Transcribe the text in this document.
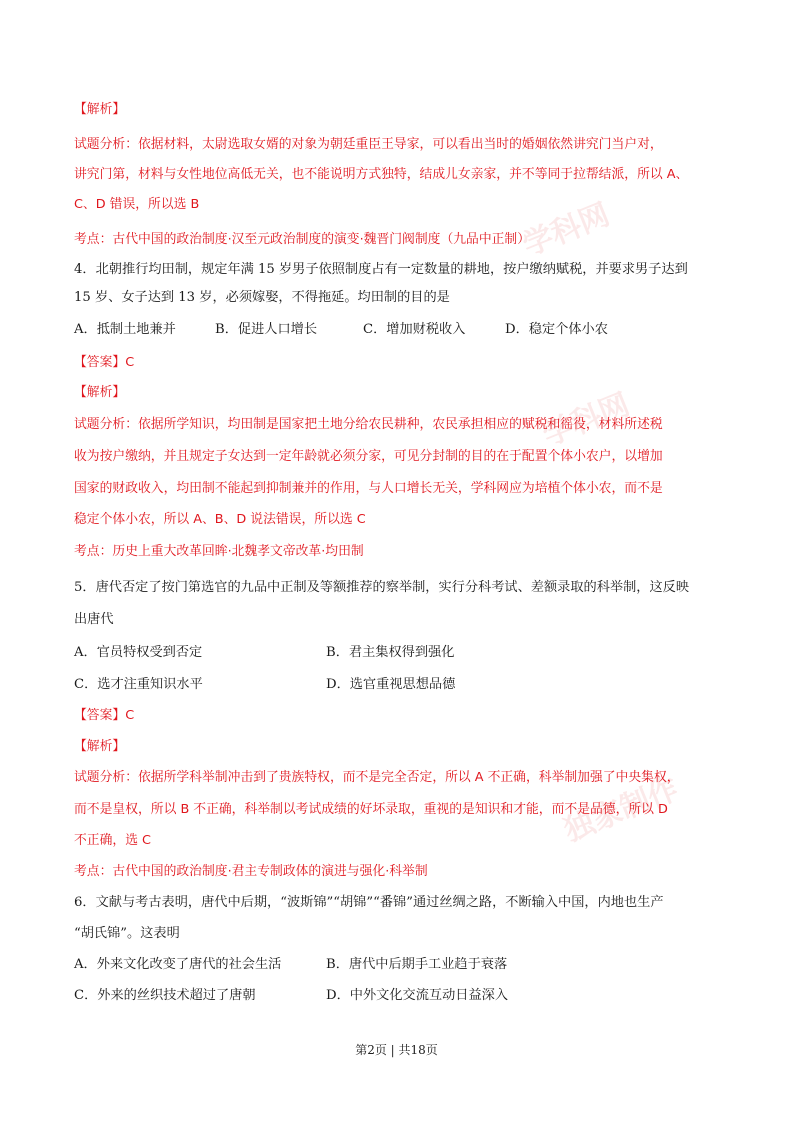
学科网
学科网
独家制作
【解析】
试题分析：依据材料，太尉选取女婿的对象为朝廷重臣王导家，可以看出当时的婚姻依然讲究门当户对，
讲究门第，材料与女性地位高低无关，也不能说明方式独特，结成儿女亲家，并不等同于拉帮结派，所以 A、
C、D 错误，所以选 B
考点：古代中国的政治制度·汉至元政治制度的演变·魏晋门阀制度（九品中正制）
4．北朝推行均田制，规定年满 15 岁男子依照制度占有一定数量的耕地，按户缴纳赋税，并要求男子达到
15 岁、女子达到 13 岁，必须嫁娶，不得拖延。均田制的目的是
A．抵制土地兼并	B．促进人口增长	C．增加财税收入	D．稳定个体小农
【答案】C
【解析】
试题分析：依据所学知识，均田制是国家把土地分给农民耕种，农民承担相应的赋税和徭役，材料所述税
收为按户缴纳，并且规定子女达到一定年龄就必须分家，可见分封制的目的在于配置个体小农户，以增加
国家的财政收入，均田制不能起到抑制兼并的作用，与人口增长无关，学科网应为培植个体小农，而不是
稳定个体小农，所以 A、B、D 说法错误，所以选 C
考点：历史上重大改革回眸·北魏孝文帝改革·均田制
5．唐代否定了按门第选官的九品中正制及等额推荐的察举制，实行分科考试、差额录取的科举制，这反映
出唐代
A．官员特权受到否定	B．君主集权得到强化
C．选才注重知识水平	D．选官重视思想品德
【答案】C
【解析】
试题分析：依据所学科举制冲击到了贵族特权，而不是完全否定，所以 A 不正确，科举制加强了中央集权，
而不是皇权，所以 B 不正确，科举制以考试成绩的好坏录取，重视的是知识和才能，而不是品德，所以 D
不正确，选 C
考点：古代中国的政治制度·君主专制政体的演进与强化·科举制
6．文献与考古表明，唐代中后期，“波斯锦”“胡锦”“番锦”通过丝绸之路，不断输入中国，内地也生产
“胡氏锦”。这表明
A．外来文化改变了唐代的社会生活	B．唐代中后期手工业趋于衰落
C．外来的丝织技术超过了唐朝	D．中外文化交流互动日益深入
第2页 | 共18页
